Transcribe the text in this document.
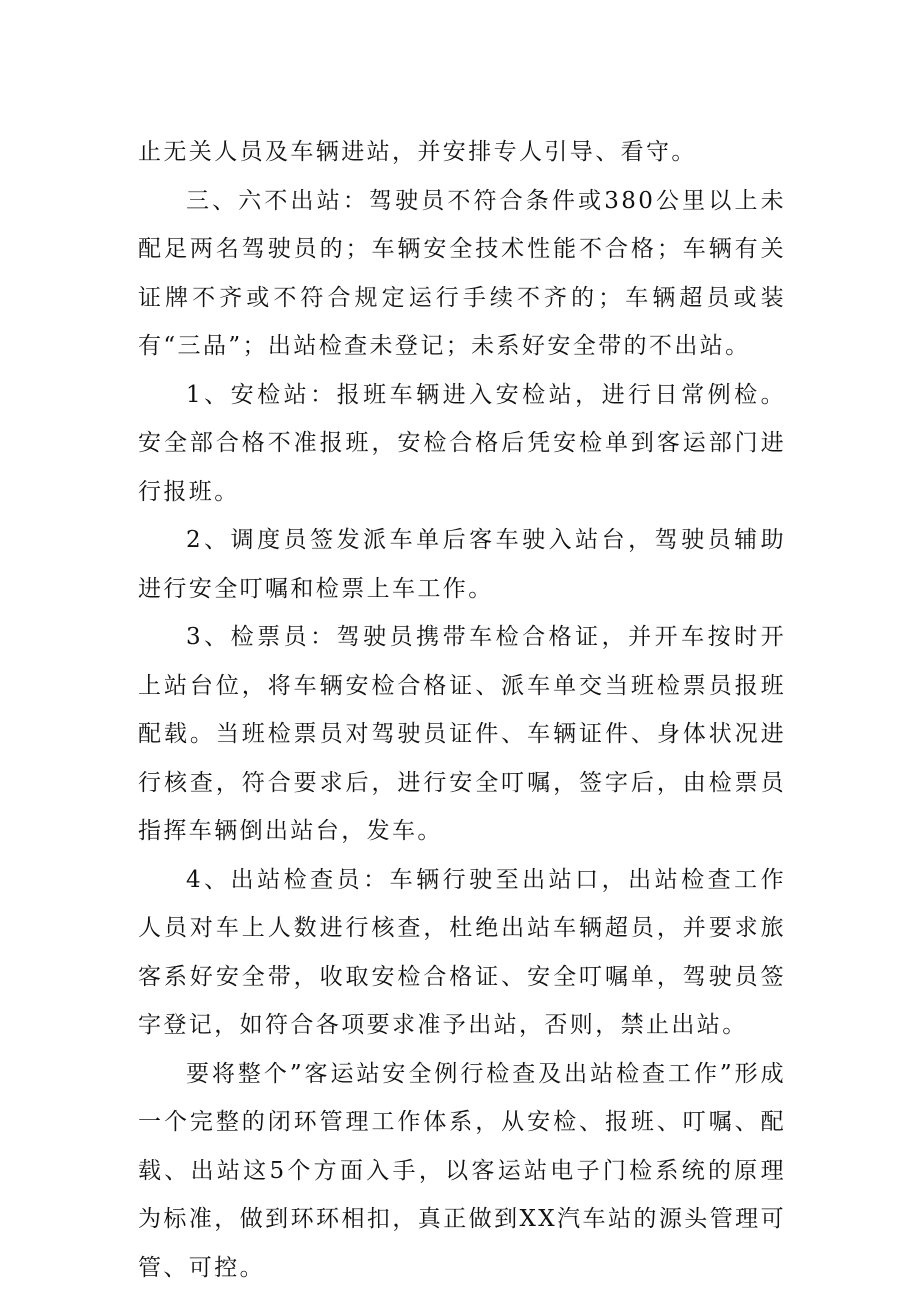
止无关人员及车辆进站，并安排专人引导、看守。

三、六不出站：驾驶员不符合条件或380公里以上未配足两名驾驶员的；车辆安全技术性能不合格；车辆有关证牌不齐或不符合规定运行手续不齐的；车辆超员或装有“三品”；出站检查未登记；未系好安全带的不出站。

1、安检站：报班车辆进入安检站，进行日常例检。安全部合格不准报班，安检合格后凭安检单到客运部门进行报班。

2、调度员签发派车单后客车驶入站台，驾驶员辅助进行安全叮嘱和检票上车工作。

3、检票员：驾驶员携带车检合格证，并开车按时开上站台位，将车辆安检合格证、派车单交当班检票员报班配载。当班检票员对驾驶员证件、车辆证件、身体状况进行核查，符合要求后，进行安全叮嘱，签字后，由检票员指挥车辆倒出站台，发车。

4、出站检查员：车辆行驶至出站口，出站检查工作人员对车上人数进行核查，杜绝出站车辆超员，并要求旅客系好安全带，收取安检合格证、安全叮嘱单，驾驶员签字登记，如符合各项要求准予出站，否则，禁止出站。

要将整个”客运站安全例行检查及出站检查工作”形成一个完整的闭环管理工作体系，从安检、报班、叮嘱、配载、出站这5个方面入手，以客运站电子门检系统的原理为标准，做到环环相扣，真正做到XX汽车站的源头管理可管、可控。
